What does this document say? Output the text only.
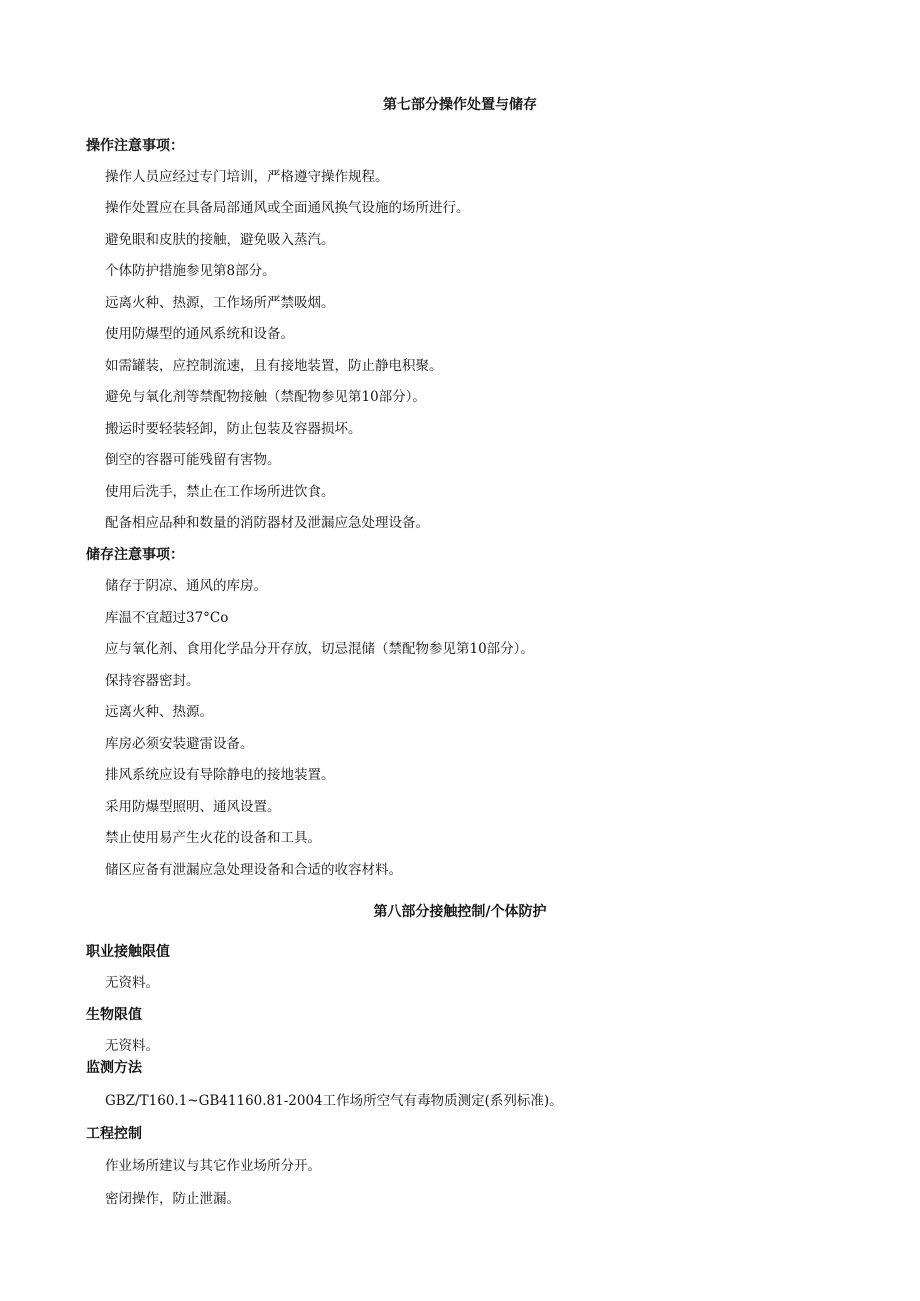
第七部分操作处置与储存
操作注意事项：
操作人员应经过专门培训，严格遵守操作规程。
操作处置应在具备局部通风或全面通风换气设施的场所进行。
避免眼和皮肤的接触，避免吸入蒸汽。
个体防护措施参见第8部分。
远离火种、热源，工作场所严禁吸烟。
使用防爆型的通风系统和设备。
如需罐装，应控制流速，且有接地装置，防止静电积聚。
避免与氧化剂等禁配物接触（禁配物参见第10部分）。
搬运时要轻装轻卸，防止包装及容器损坏。
倒空的容器可能残留有害物。
使用后洗手，禁止在工作场所进饮食。
配备相应品种和数量的消防器材及泄漏应急处理设备。
储存注意事项：
储存于阴凉、通风的库房。
库温不宜超过37°Co
应与氧化剂、食用化学品分开存放，切忌混储（禁配物参见第10部分）。
保持容器密封。
远离火种、热源。
库房必须安装避雷设备。
排风系统应设有导除静电的接地装置。
采用防爆型照明、通风设置。
禁止使用易产生火花的设备和工具。
储区应备有泄漏应急处理设备和合适的收容材料。
第八部分接触控制/个体防护
职业接触限值
无资料。
生物限值
无资料。
监测方法
GBZ/T160.1~GB41160.81-2004工作场所空气有毒物质测定(系列标准)。
工程控制
作业场所建议与其它作业场所分开。
密闭操作，防止泄漏。
